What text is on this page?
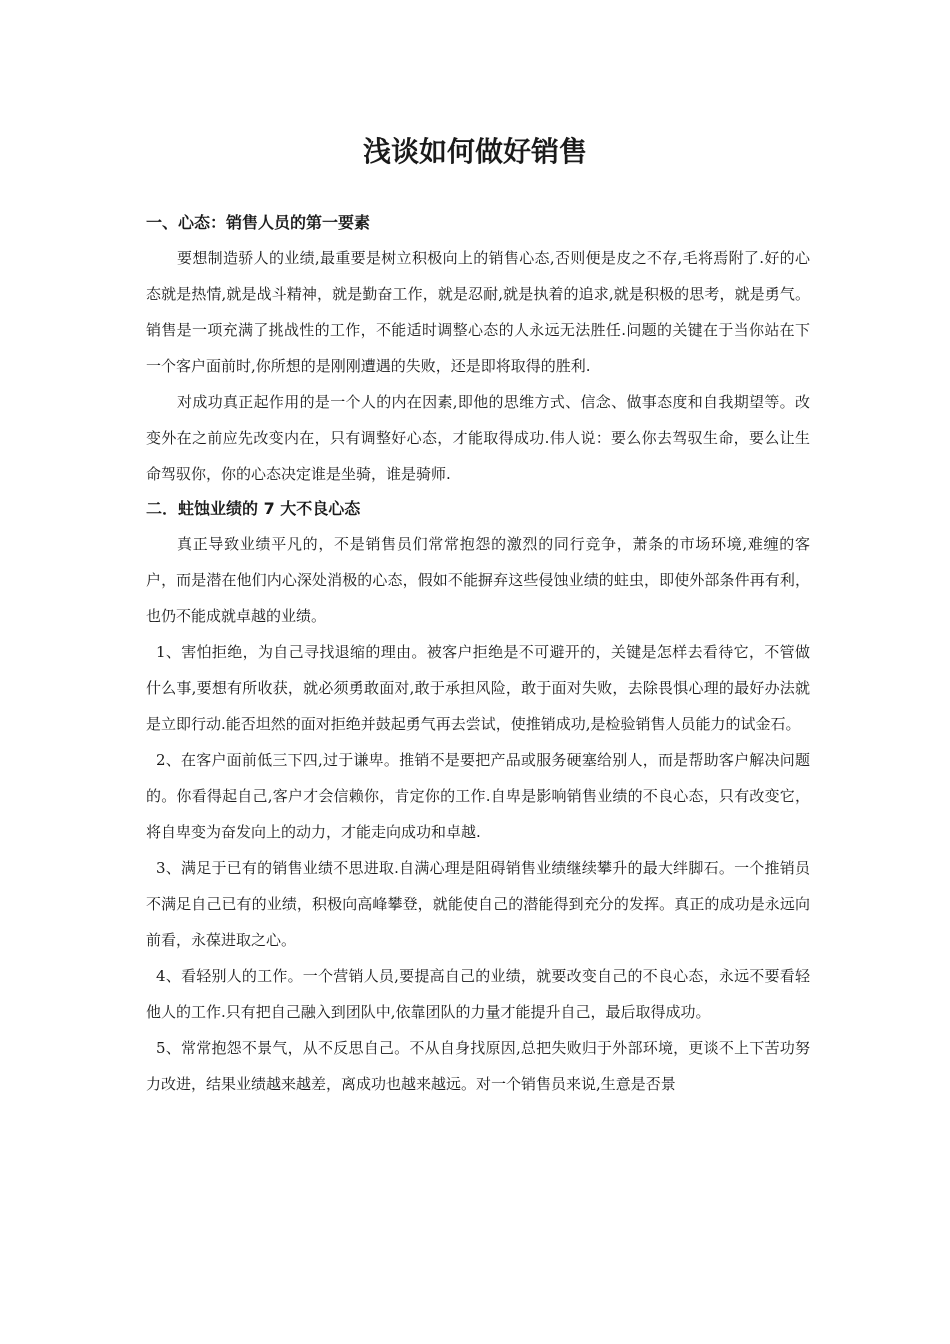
浅谈如何做好销售
一、心态：销售人员的第一要素
要想制造骄人的业绩,最重要是树立积极向上的销售心态,否则便是皮之不存,毛将焉附了.好的心态就是热情,就是战斗精神，就是勤奋工作，就是忍耐,就是执着的追求,就是积极的思考，就是勇气。销售是一项充满了挑战性的工作，不能适时调整心态的人永远无法胜任.问题的关键在于当你站在下一个客户面前时,你所想的是刚刚遭遇的失败，还是即将取得的胜利.
对成功真正起作用的是一个人的内在因素,即他的思维方式、信念、做事态度和自我期望等。改变外在之前应先改变内在，只有调整好心态，才能取得成功.伟人说：要么你去驾驭生命，要么让生命驾驭你，你的心态决定谁是坐骑，谁是骑师.
二．蛀蚀业绩的 7 大不良心态
真正导致业绩平凡的，不是销售员们常常抱怨的激烈的同行竞争，萧条的市场环境,难缠的客户，而是潜在他们内心深处消极的心态，假如不能摒弃这些侵蚀业绩的蛀虫，即使外部条件再有利，也仍不能成就卓越的业绩。
1、害怕拒绝，为自己寻找退缩的理由。被客户拒绝是不可避开的，关键是怎样去看待它，不管做什么事,要想有所收获，就必须勇敢面对,敢于承担风险，敢于面对失败，去除畏惧心理的最好办法就是立即行动.能否坦然的面对拒绝并鼓起勇气再去尝试，使推销成功,是检验销售人员能力的试金石。
2、在客户面前低三下四,过于谦卑。推销不是要把产品或服务硬塞给别人，而是帮助客户解决问题的。你看得起自己,客户才会信赖你，肯定你的工作.自卑是影响销售业绩的不良心态，只有改变它，将自卑变为奋发向上的动力，才能走向成功和卓越.
3、满足于已有的销售业绩不思进取.自满心理是阻碍销售业绩继续攀升的最大绊脚石。一个推销员不满足自己已有的业绩，积极向高峰攀登，就能使自己的潜能得到充分的发挥。真正的成功是永远向前看，永葆进取之心。
4、看轻别人的工作。一个营销人员,要提高自己的业绩，就要改变自己的不良心态，永远不要看轻他人的工作.只有把自己融入到团队中,依靠团队的力量才能提升自己，最后取得成功。
5、常常抱怨不景气，从不反思自己。不从自身找原因,总把失败归于外部环境，更谈不上下苦功努力改进，结果业绩越来越差，离成功也越来越远。对一个销售员来说,生意是否景
